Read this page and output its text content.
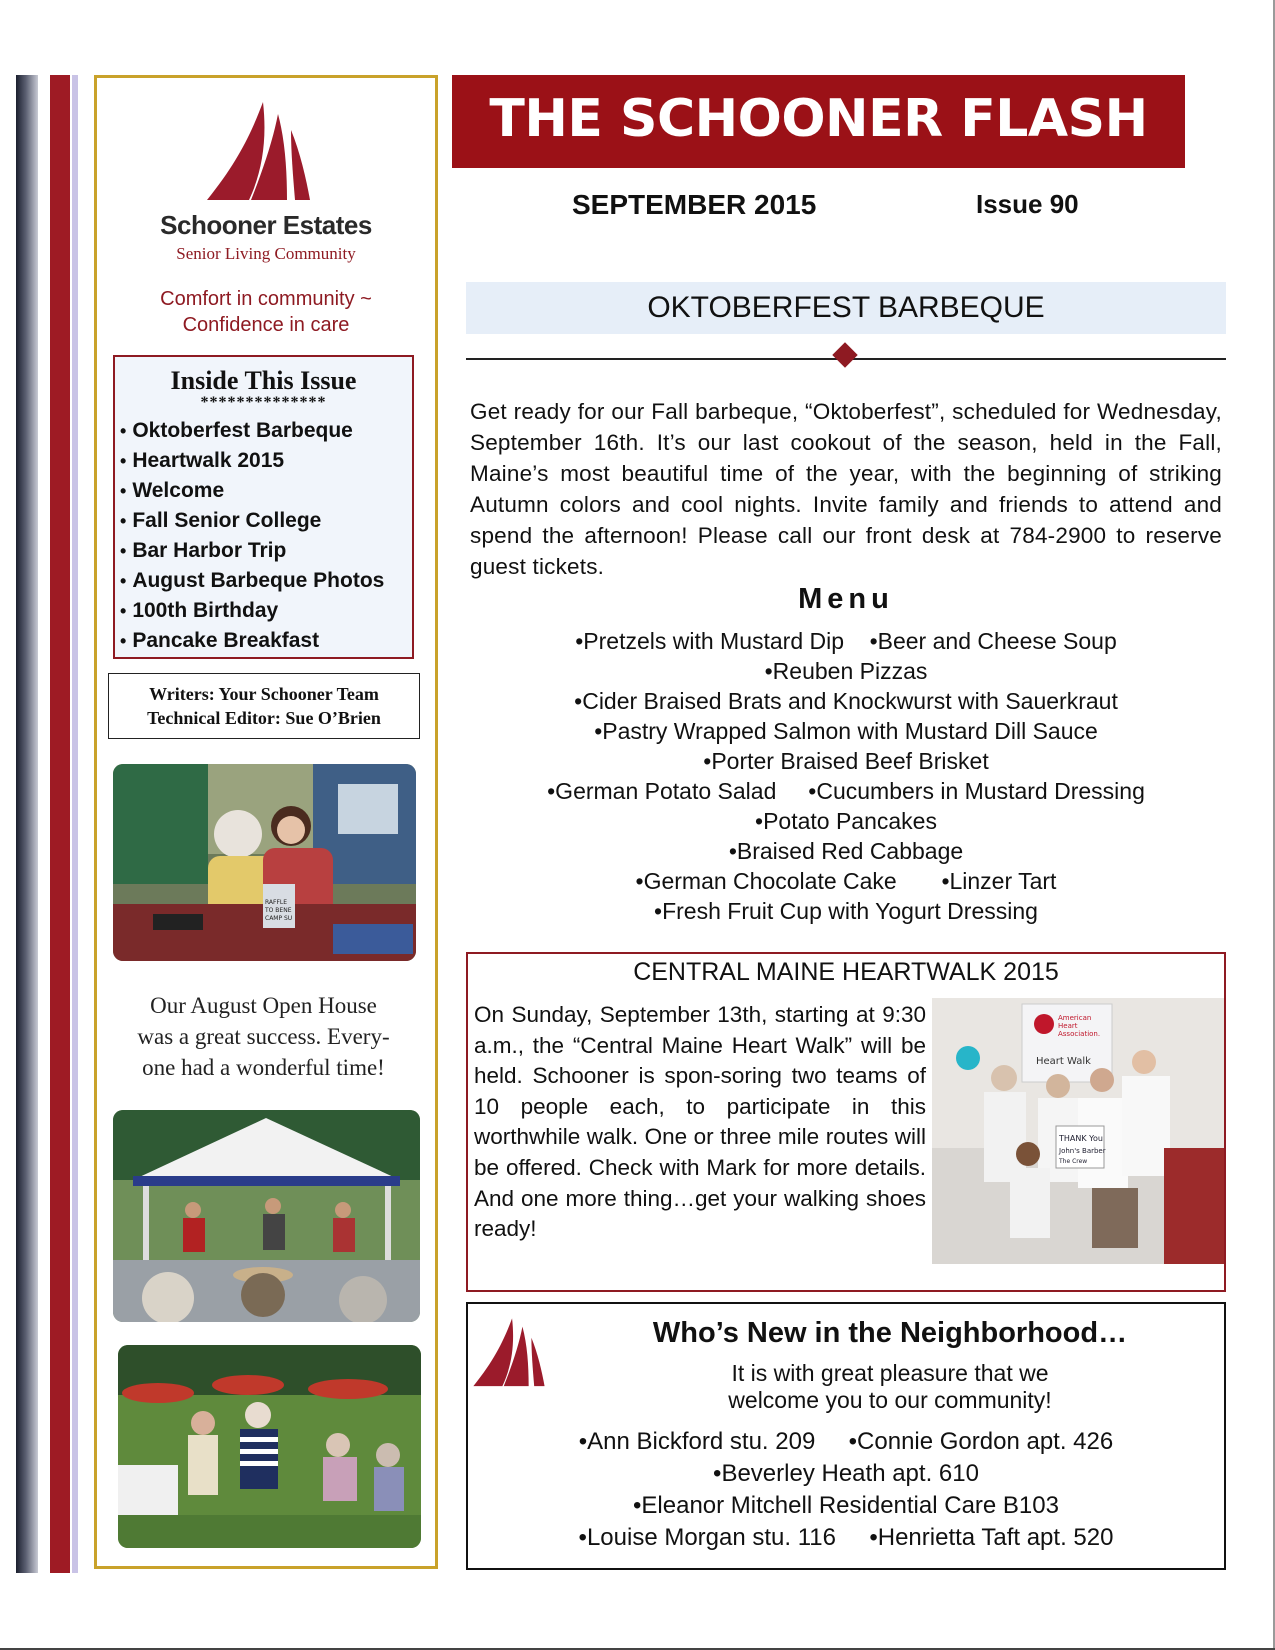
Schooner Estates
Senior Living Community
Comfort in community ~
Confidence in care
Inside This Issue
**************
• Oktoberfest Barbeque
• Heartwalk 2015
• Welcome
• Fall Senior College
• Bar Harbor Trip
• August Barbeque Photos
• 100th Birthday
• Pancake Breakfast
Writers: Your Schooner Team
Technical Editor: Sue O’Brien
RAFFLE
TO BENE
CAMP SU
Our August Open House
was a great success. Every-
one had a wonderful time!
THE SCHOONER FLASH
SEPTEMBER 2015	Issue 90
OKTOBERFEST BARBEQUE
Get ready for our Fall barbeque, “Oktoberfest”, scheduled for Wednesday, September 16th. It’s our last cookout of the season, held in the Fall, Maine’s most beautiful time of the year, with the beginning of striking Autumn colors and cool nights. Invite family and friends to attend and spend the afternoon! Please call our front desk at 784-2900 to reserve guest tickets.
Menu
•Pretzels with Mustard Dip    •Beer and Cheese Soup
•Reuben Pizzas
•Cider Braised Brats and Knockwurst with Sauerkraut
•Pastry Wrapped Salmon with Mustard Dill Sauce
•Porter Braised Beef Brisket
•German Potato Salad     •Cucumbers in Mustard Dressing
•Potato Pancakes
•Braised Red Cabbage
•German Chocolate Cake       •Linzer Tart
•Fresh Fruit Cup with Yogurt Dressing
CENTRAL MAINE HEARTWALK 2015
On Sunday, September 13th, starting at 9:30 a.m., the “Central Maine Heart Walk” will be held. Schooner is spon-soring two teams of 10 people each, to participate in this worthwhile walk. One or three mile routes will be offered. Check with Mark for more details. And one more thing…get your walking shoes ready!
American
Heart
Association.
Heart Walk
THANK You
John's Barber
The Crew
Who’s New in the Neighborhood…
It is with great pleasure that we
welcome you to our community!
•Ann Bickford stu. 209     •Connie Gordon apt. 426
•Beverley Heath apt. 610
•Eleanor Mitchell Residential Care B103
•Louise Morgan stu. 116     •Henrietta Taft apt. 520
